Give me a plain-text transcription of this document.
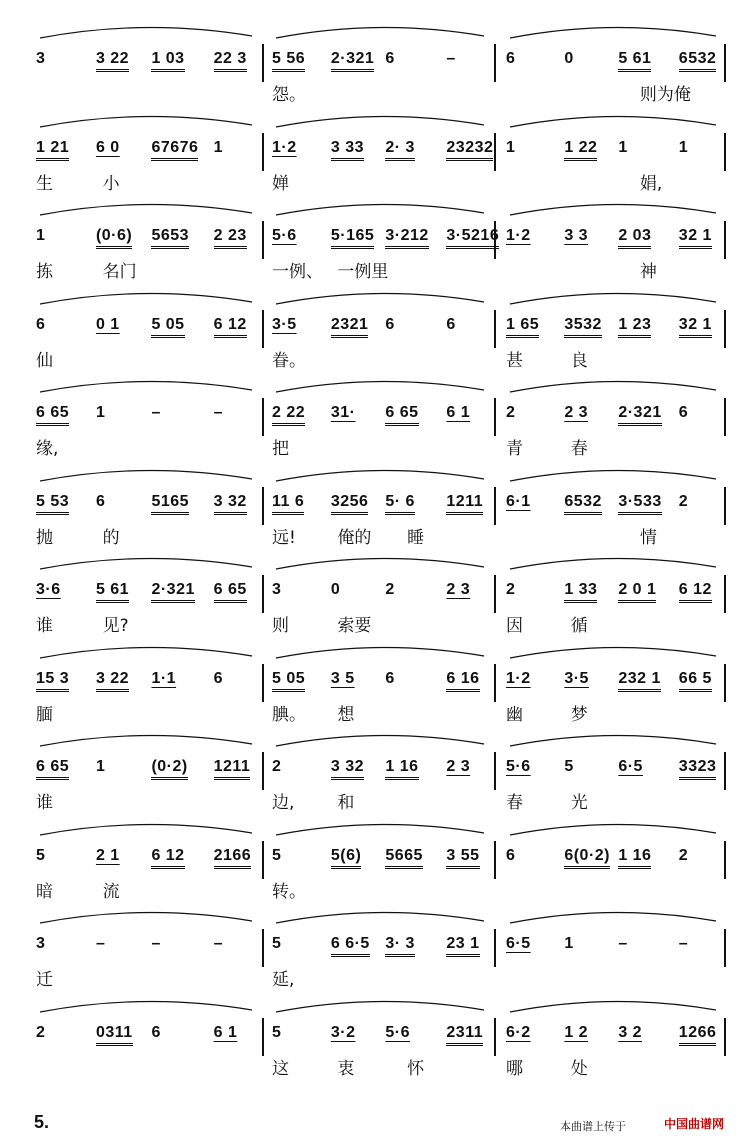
3	3 22 1 03 22 3 5 56 2·321 6	–
怨。
6	0	5 61 6532
则为俺
1 21 6 0 67676 1
生	小
1·2 3 33 2· 3 23232
婵
1	1 22 1	1
娟,
1	(0·6) 5653 2 23
拣	名门
5·6 5·165 3·212 3·5216
一例、 一例里
1·2 3 3 2 03 32 1
神
6	0 1 5 05 6 12
仙
3·5 2321 6	6
眷。
1 65 3532 1 23 32 1
甚	良
6 65 1	–	–
缘,
2 22 31· 6 65 6 1
把
2	2 3 2·321 6
青	春
5 53 6	5165 3 32
抛	的
11 6 3256 5· 6 1211
远! 俺的 睡
6·1 6532 3·533 2
情
3·6 5 61 2·321 6 65
谁	见?
3	0	2	2 3
则	索要
2	1 33 2 0 1 6 12
因	循
15 3 3 22 1·1 6
腼
5 05 3 5 6	6 16
腆。 想
1·2 3·5 232 1 66 5
幽	梦
6 65 1	(0·2) 1211
谁
2	3 32 1 16 2 3
边,	和
5·6 5	6·5 3323
春	光
5	2 1 6 12 2166
暗	流
5	5(6) 5665 3 55
转。
6	6(0·2) 1 16 2
3	–	–	–
迁
5	6 6·5 3· 3 23 1
延,
6·5 1	–	–
2	0311 6	6 1 5	3·2 5·6 2311
这	衷	怀
6·2 1 2 3 2 1266
哪	处
5.	本曲谱上传于	中国曲谱网
